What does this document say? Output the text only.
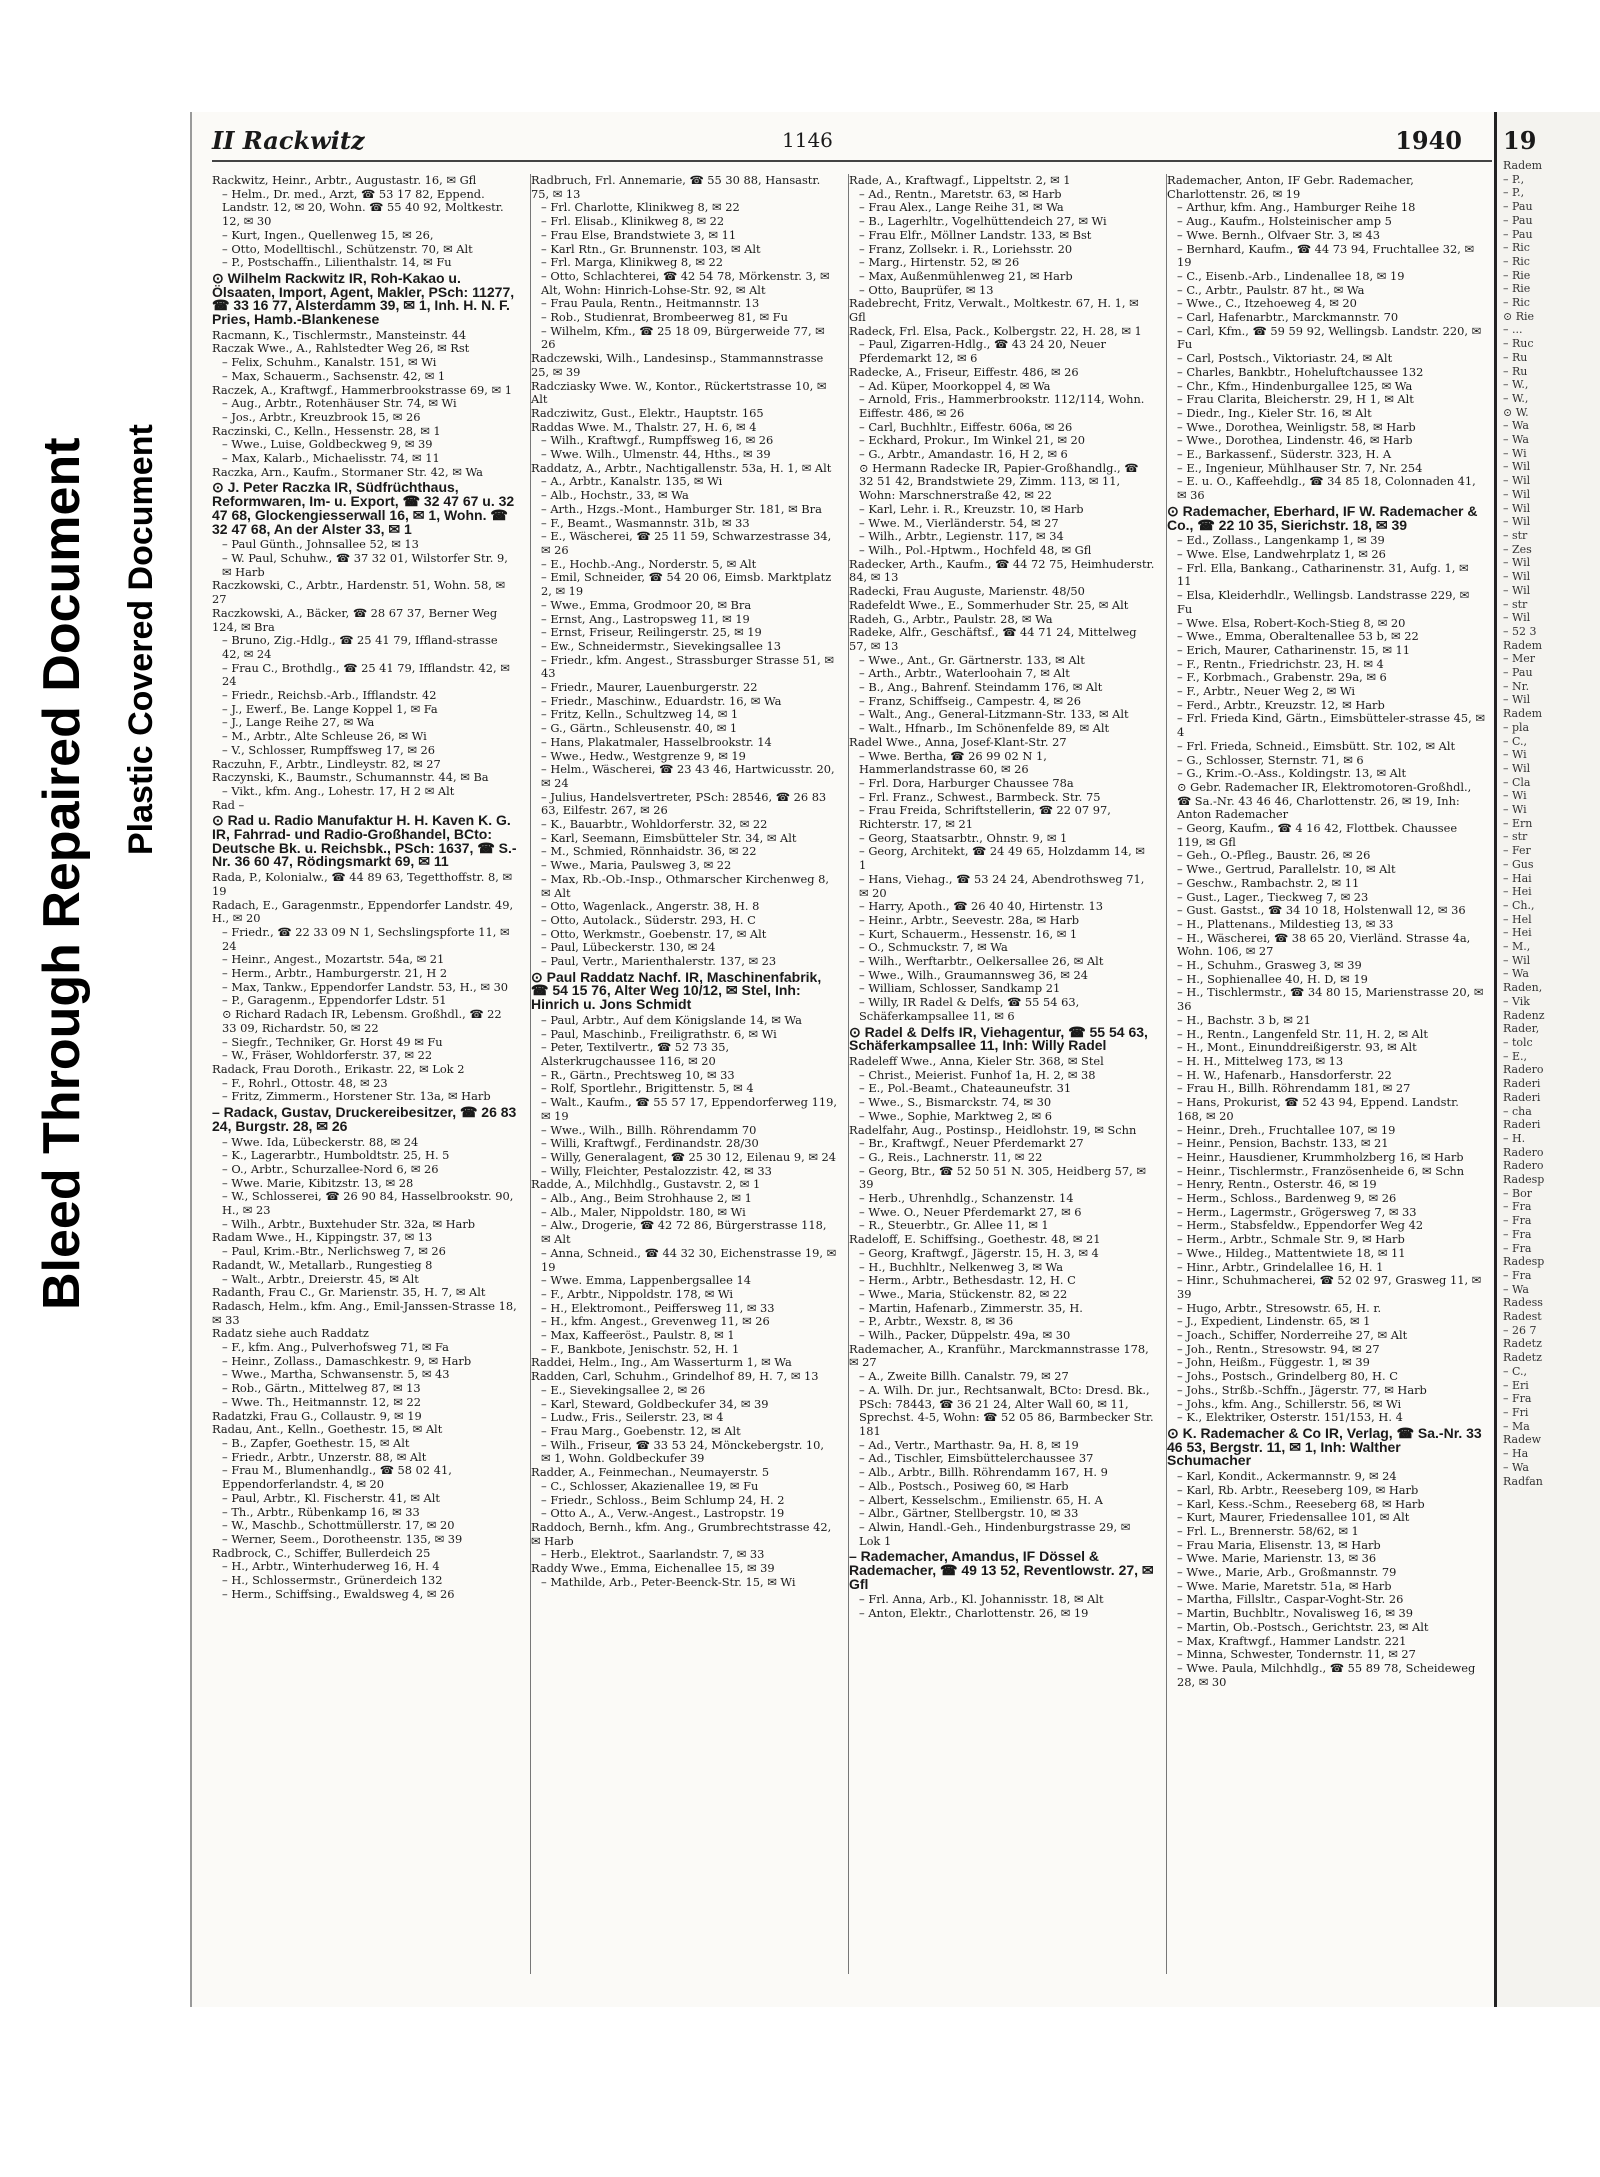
Bleed Through Repaired Document Plastic Covered Document
II Rackwitz	1146	1940
Rackwitz, Heinr., Arbtr., Augustastr. 16, ✉ Gfl
– Helm., Dr. med., Arzt, ☎ 53 17 82, Eppend. Landstr. 12, ✉ 20, Wohn. ☎ 55 40 92, Moltkestr. 12, ✉ 30
– Kurt, Ingen., Quellenweg 15, ✉ 26,
– Otto, Modelltischl., Schützenstr. 70, ✉ Alt
– P., Postschaffn., Lilienthalstr. 14, ✉ Fu
⊙ Wilhelm Rackwitz IR, Roh-Kakao u. Ölsaaten, Import, Agent, Makler, PSch: 11277, ☎ 33 16 77, Alsterdamm 39, ✉ 1, Inh. H. N. F. Pries, Hamb.-Blankenese
Racmann, K., Tischlermstr., Mansteinstr. 44
Raczak Wwe., A., Rahlstedter Weg 26, ✉ Rst
– Felix, Schuhm., Kanalstr. 151, ✉ Wi
– Max, Schauerm., Sachsenstr. 42, ✉ 1
Raczek, A., Kraftwgf., Hammerbrookstrasse 69, ✉ 1
– Aug., Arbtr., Rotenhäuser Str. 74, ✉ Wi
– Jos., Arbtr., Kreuzbrook 15, ✉ 26
Raczinski, C., Kelln., Hessenstr. 28, ✉ 1
– Wwe., Luise, Goldbeckweg 9, ✉ 39
– Max, Kalarb., Michaelisstr. 74, ✉ 11
Raczka, Arn., Kaufm., Stormaner Str. 42, ✉ Wa
⊙ J. Peter Raczka IR, Südfrüchthaus, Reformwaren, Im- u. Export, ☎ 32 47 67 u. 32 47 68, Glockengiesserwall 16, ✉ 1, Wohn. ☎ 32 47 68, An der Alster 33, ✉ 1
– Paul Günth., Johnsallee 52, ✉ 13
– W. Paul, Schuhw., ☎ 37 32 01, Wilstorfer Str. 9, ✉ Harb
Raczkowski, C., Arbtr., Hardenstr. 51, Wohn. 58, ✉ 27
Raczkowski, A., Bäcker, ☎ 28 67 37, Berner Weg 124, ✉ Bra
– Bruno, Zig.-Hdlg., ☎ 25 41 79, Iffland-strasse 42, ✉ 24
– Frau C., Brothdlg., ☎ 25 41 79, Ifflandstr. 42, ✉ 24
– Friedr., Reichsb.-Arb., Ifflandstr. 42
– J., Ewerf., Be. Lange Koppel 1, ✉ Fa
– J., Lange Reihe 27, ✉ Wa
– M., Arbtr., Alte Schleuse 26, ✉ Wi
– V., Schlosser, Rumpffsweg 17, ✉ 26
Raczuhn, F., Arbtr., Lindleystr. 82, ✉ 27
Raczynski, K., Baumstr., Schumannstr. 44, ✉ Ba
– Vikt., kfm. Ang., Lohestr. 17, H 2 ✉ Alt
Rad –
⊙ Rad u. Radio Manufaktur H. H. Kaven K. G. IR, Fahrrad- und Radio-Großhandel, BCto: Deutsche Bk. u. Reichsbk., PSch: 1637, ☎ S.-Nr. 36 60 47, Rödingsmarkt 69, ✉ 11
Rada, P., Kolonialw., ☎ 44 89 63, Tegetthoffstr. 8, ✉ 19
Radach, E., Garagenmstr., Eppendorfer Landstr. 49, H., ✉ 20
– Friedr., ☎ 22 33 09 N 1, Sechslingspforte 11, ✉ 24
– Heinr., Angest., Mozartstr. 54a, ✉ 21
– Herm., Arbtr., Hamburgerstr. 21, H 2
– Max, Tankw., Eppendorfer Landstr. 53, H., ✉ 30
– P., Garagenm., Eppendorfer Ldstr. 51
⊙ Richard Radach IR, Lebensm. Großhdl., ☎ 22 33 09, Richardstr. 50, ✉ 22
– Siegfr., Techniker, Gr. Horst 49 ✉ Fu
– W., Fräser, Wohldorferstr. 37, ✉ 22
Radack, Frau Doroth., Erikastr. 22, ✉ Lok 2
– F., Rohrl., Ottostr. 48, ✉ 23
– Fritz, Zimmerm., Horstener Str. 13a, ✉ Harb
– Radack, Gustav, Druckereibesitzer, ☎ 26 83 24, Burgstr. 28, ✉ 26
– Wwe. Ida, Lübeckerstr. 88, ✉ 24
– K., Lagerarbtr., Humboldtstr. 25, H. 5
– O., Arbtr., Schurzallee-Nord 6, ✉ 26
– Wwe. Marie, Kibitzstr. 13, ✉ 28
– W., Schlosserei, ☎ 26 90 84, Hasselbrookstr. 90, H., ✉ 23
– Wilh., Arbtr., Buxtehuder Str. 32a, ✉ Harb
Radam Wwe., H., Kippingstr. 37, ✉ 13
– Paul, Krim.-Btr., Nerlichsweg 7, ✉ 26
Radandt, W., Metallarb., Rungestieg 8
– Walt., Arbtr., Dreierstr. 45, ✉ Alt
Radanth, Frau C., Gr. Marienstr. 35, H. 7, ✉ Alt
Radasch, Helm., kfm. Ang., Emil-Janssen-Strasse 18, ✉ 33
Radatz siehe auch Raddatz
– F., kfm. Ang., Pulverhofsweg 71, ✉ Fa
– Heinr., Zollass., Damaschkestr. 9, ✉ Harb
– Wwe., Martha, Schwansenstr. 5, ✉ 43
– Rob., Gärtn., Mittelweg 87, ✉ 13
– Wwe. Th., Heitmannstr. 12, ✉ 22
Radatzki, Frau G., Collaustr. 9, ✉ 19
Radau, Ant., Kelln., Goethestr. 15, ✉ Alt
– B., Zapfer, Goethestr. 15, ✉ Alt
– Friedr., Arbtr., Unzerstr. 88, ✉ Alt
– Frau M., Blumenhandlg., ☎ 58 02 41, Eppendorferlandstr. 4, ✉ 20
– Paul, Arbtr., Kl. Fischerstr. 41, ✉ Alt
– Th., Arbtr., Rübenkamp 16, ✉ 33
– W., Maschb., Schottmüllerstr. 17, ✉ 20
– Werner, Seem., Dorotheenstr. 135, ✉ 39
Radbrock, C., Schiffer, Bullerdeich 25
– H., Arbtr., Winterhuderweg 16, H. 4
– H., Schlossermstr., Grünerdeich 132
– Herm., Schiffsing., Ewaldsweg 4, ✉ 26
Radbruch, Frl. Annemarie, ☎ 55 30 88, Hansastr. 75, ✉ 13
– Frl. Charlotte, Klinikweg 8, ✉ 22
– Frl. Elisab., Klinikweg 8, ✉ 22
– Frau Else, Brandstwiete 3, ✉ 11
– Karl Rtn., Gr. Brunnenstr. 103, ✉ Alt
– Frl. Marga, Klinikweg 8, ✉ 22
– Otto, Schlachterei, ☎ 42 54 78, Mörkenstr. 3, ✉ Alt, Wohn: Hinrich-Lohse-Str. 92, ✉ Alt
– Frau Paula, Rentn., Heitmannstr. 13
– Rob., Studienrat, Brombeerweg 81, ✉ Fu
– Wilhelm, Kfm., ☎ 25 18 09, Bürgerweide 77, ✉ 26
Radczewski, Wilh., Landesinsp., Stammannstrasse 25, ✉ 39
Radcziasky Wwe. W., Kontor., Rückertstrasse 10, ✉ Alt
Radcziwitz, Gust., Elektr., Hauptstr. 165
Raddas Wwe. M., Thalstr. 27, H. 6, ✉ 4
– Wilh., Kraftwgf., Rumpffsweg 16, ✉ 26
– Wwe. Wilh., Ulmenstr. 44, Hths., ✉ 39
Raddatz, A., Arbtr., Nachtigallenstr. 53a, H. 1, ✉ Alt
– A., Arbtr., Kanalstr. 135, ✉ Wi
– Alb., Hochstr., 33, ✉ Wa
– Arth., Hzgs.-Mont., Hamburger Str. 181, ✉ Bra
– F., Beamt., Wasmannstr. 31b, ✉ 33
– E., Wäscherei, ☎ 25 11 59, Schwarzestrasse 34, ✉ 26
– E., Hochb.-Ang., Norderstr. 5, ✉ Alt
– Emil, Schneider, ☎ 54 20 06, Eimsb. Marktplatz 2, ✉ 19
– Wwe., Emma, Grodmoor 20, ✉ Bra
– Ernst, Ang., Lastropsweg 11, ✉ 19
– Ernst, Friseur, Reilingerstr. 25, ✉ 19
– Ew., Schneidermstr., Sievekingsallee 13
– Friedr., kfm. Angest., Strassburger Strasse 51, ✉ 43
– Friedr., Maurer, Lauenburgerstr. 22
– Friedr., Maschinw., Eduardstr. 16, ✉ Wa
– Fritz, Kelln., Schultzweg 14, ✉ 1
– G., Gärtn., Schleusenstr. 40, ✉ 1
– Hans, Plakatmaler, Hasselbrookstr. 14
– Wwe., Hedw., Westgrenze 9, ✉ 19
– Helm., Wäscherei, ☎ 23 43 46, Hartwicusstr. 20, ✉ 24
– Julius, Handelsvertreter, PSch: 28546, ☎ 26 83 63, Eilfestr. 267, ✉ 26
– K., Bauarbtr., Wohldorferstr. 32, ✉ 22
– Karl, Seemann, Eimsbütteler Str. 34, ✉ Alt
– M., Schmied, Rönnhaidstr. 36, ✉ 22
– Wwe., Maria, Paulsweg 3, ✉ 22
– Max, Rb.-Ob.-Insp., Othmarscher Kirchenweg 8, ✉ Alt
– Otto, Wagenlack., Angerstr. 38, H. 8
– Otto, Autolack., Süderstr. 293, H. C
– Otto, Werkmstr., Goebenstr. 17, ✉ Alt
– Paul, Lübeckerstr. 130, ✉ 24
– Paul, Vertr., Marienthalerstr. 137, ✉ 23
⊙ Paul Raddatz Nachf. IR, Maschinenfabrik, ☎ 54 15 76, Alter Weg 10/12, ✉ Stel, Inh: Hinrich u. Jons Schmidt
– Paul, Arbtr., Auf dem Königslande 14, ✉ Wa
– Paul, Maschinb., Freiligrathstr. 6, ✉ Wi
– Peter, Textilvertr., ☎ 52 73 35, Alsterkrugchaussee 116, ✉ 20
– R., Gärtn., Prechtsweg 10, ✉ 33
– Rolf, Sportlehr., Brigittenstr. 5, ✉ 4
– Walt., Kaufm., ☎ 55 57 17, Eppendorferweg 119, ✉ 19
– Wwe., Wilh., Billh. Röhrendamm 70
– Willi, Kraftwgf., Ferdinandstr. 28/30
– Willy, Generalagent, ☎ 25 30 12, Eilenau 9, ✉ 24
– Willy, Fleichter, Pestalozzistr. 42, ✉ 33
Radde, A., Milchhdlg., Gustavstr. 2, ✉ 1
– Alb., Ang., Beim Strohhause 2, ✉ 1
– Alb., Maler, Nippoldstr. 180, ✉ Wi
– Alw., Drogerie, ☎ 42 72 86, Bürgerstrasse 118, ✉ Alt
– Anna, Schneid., ☎ 44 32 30, Eichenstrasse 19, ✉ 19
– Wwe. Emma, Lappenbergsallee 14
– F., Arbtr., Nippoldstr. 178, ✉ Wi
– H., Elektromont., Peiffersweg 11, ✉ 33
– H., kfm. Angest., Grevenweg 11, ✉ 26
– Max, Kaffeeröst., Paulstr. 8, ✉ 1
– F., Bankbote, Jenischstr. 52, H. 1
Raddei, Helm., Ing., Am Wasserturm 1, ✉ Wa
Radden, Carl, Schuhm., Grindelhof 89, H. 7, ✉ 13
– E., Sievekingsallee 2, ✉ 26
– Karl, Steward, Goldbeckufer 34, ✉ 39
– Ludw., Fris., Seilerstr. 23, ✉ 4
– Frau Marg., Goebenstr. 12, ✉ Alt
– Wilh., Friseur, ☎ 33 53 24, Mönckebergstr. 10, ✉ 1, Wohn. Goldbeckufer 39
Radder, A., Feinmechan., Neumayerstr. 5
– C., Schlosser, Akazienallee 19, ✉ Fu
– Friedr., Schloss., Beim Schlump 24, H. 2
– Otto A., A., Verw.-Angest., Lastropstr. 19
Raddoch, Bernh., kfm. Ang., Grumbrechtstrasse 42, ✉ Harb
– Herb., Elektrot., Saarlandstr. 7, ✉ 33
Raddy Wwe., Emma, Eichenallee 15, ✉ 39
– Mathilde, Arb., Peter-Beenck-Str. 15, ✉ Wi
Rade, A., Kraftwagf., Lippeltstr. 2, ✉ 1
– Ad., Rentn., Maretstr. 63, ✉ Harb
– Frau Alex., Lange Reihe 31, ✉ Wa
– B., Lagerhltr., Vogelhüttendeich 27, ✉ Wi
– Frau Elfr., Möllner Landstr. 133, ✉ Bst
– Franz, Zollsekr. i. R., Loriehsstr. 20
– Marg., Hirtenstr. 52, ✉ 26
– Max, Außenmühlenweg 21, ✉ Harb
– Otto, Bauprüfer, ✉ 13
Radebrecht, Fritz, Verwalt., Moltkestr. 67, H. 1, ✉ Gfl
Radeck, Frl. Elsa, Pack., Kolbergstr. 22, H. 28, ✉ 1
– Paul, Zigarren-Hdlg., ☎ 43 24 20, Neuer Pferdemarkt 12, ✉ 6
Radecke, A., Friseur, Eiffestr. 486, ✉ 26
– Ad. Küper, Moorkoppel 4, ✉ Wa
– Arnold, Fris., Hammerbrookstr. 112/114, Wohn. Eiffestr. 486, ✉ 26
– Carl, Buchhltr., Eiffestr. 606a, ✉ 26
– Eckhard, Prokur., Im Winkel 21, ✉ 20
– G., Arbtr., Amandastr. 16, H 2, ✉ 6
⊙ Hermann Radecke IR, Papier-Großhandlg., ☎ 32 51 42, Brandstwiete 29, Zimm. 113, ✉ 11, Wohn: Marschnerstraße 42, ✉ 22
– Karl, Lehr. i. R., Kreuzstr. 10, ✉ Harb
– Wwe. M., Vierländerstr. 54, ✉ 27
– Wilh., Arbtr., Legienstr. 117, ✉ 34
– Wilh., Pol.-Hptwm., Hochfeld 48, ✉ Gfl
Radecker, Arth., Kaufm., ☎ 44 72 75, Heimhuderstr. 84, ✉ 13
Radecki, Frau Auguste, Marienstr. 48/50
Radefeldt Wwe., E., Sommerhuder Str. 25, ✉ Alt
Radeh, G., Arbtr., Paulstr. 28, ✉ Wa
Radeke, Alfr., Geschäftsf., ☎ 44 71 24, Mittelweg 57, ✉ 13
– Wwe., Ant., Gr. Gärtnerstr. 133, ✉ Alt
– Arth., Arbtr., Waterloohain 7, ✉ Alt
– B., Ang., Bahrenf. Steindamm 176, ✉ Alt
– Franz, Schiffseig., Campestr. 4, ✉ 26
– Walt., Ang., General-Litzmann-Str. 133, ✉ Alt
– Walt., Hfnarb., Im Schönenfelde 89, ✉ Alt
Radel Wwe., Anna, Josef-Klant-Str. 27
– Wwe. Bertha, ☎ 26 99 02 N 1, Hammerlandstrasse 60, ✉ 26
– Frl. Dora, Harburger Chaussee 78a
– Frl. Franz., Schwest., Barmbeck. Str. 75
– Frau Freida, Schriftstellerin, ☎ 22 07 97, Richterstr. 17, ✉ 21
– Georg, Staatsarbtr., Ohnstr. 9, ✉ 1
– Georg, Architekt, ☎ 24 49 65, Holzdamm 14, ✉ 1
– Hans, Viehag., ☎ 53 24 24, Abendrothsweg 71, ✉ 20
– Harry, Apoth., ☎ 26 40 40, Hirtenstr. 13
– Heinr., Arbtr., Seevestr. 28a, ✉ Harb
– Kurt, Schauerm., Hessenstr. 16, ✉ 1
– O., Schmuckstr. 7, ✉ Wa
– Wilh., Werftarbtr., Oelkersallee 26, ✉ Alt
– Wwe., Wilh., Graumannsweg 36, ✉ 24
– William, Schlosser, Sandkamp 21
– Willy, IR Radel & Delfs, ☎ 55 54 63, Schäferkampsallee 11, ✉ 6
⊙ Radel & Delfs IR, Viehagentur, ☎ 55 54 63, Schäferkampsallee 11, Inh: Willy Radel
Radeleff Wwe., Anna, Kieler Str. 368, ✉ Stel
– Christ., Meierist. Funhof 1a, H. 2, ✉ 38
– E., Pol.-Beamt., Chateauneufstr. 31
– Wwe., S., Bismarckstr. 74, ✉ 30
– Wwe., Sophie, Marktweg 2, ✉ 6
Radelfahr, Aug., Postinsp., Heidlohstr. 19, ✉ Schn
– Br., Kraftwgf., Neuer Pferdemarkt 27
– G., Reis., Lachnerstr. 11, ✉ 22
– Georg, Btr., ☎ 52 50 51 N. 305, Heidberg 57, ✉ 39
– Herb., Uhrenhdlg., Schanzenstr. 14
– Wwe. O., Neuer Pferdemarkt 27, ✉ 6
– R., Steuerbtr., Gr. Allee 11, ✉ 1
Radeloff, E. Schiffsing., Goethestr. 48, ✉ 21
– Georg, Kraftwgf., Jägerstr. 15, H. 3, ✉ 4
– H., Buchhltr., Nelkenweg 3, ✉ Wa
– Herm., Arbtr., Bethesdastr. 12, H. C
– Wwe., Maria, Stückenstr. 82, ✉ 22
– Martin, Hafenarb., Zimmerstr. 35, H.
– P., Arbtr., Wexstr. 8, ✉ 36
– Wilh., Packer, Düppelstr. 49a, ✉ 30
Rademacher, A., Kranführ., Marckmannstrasse 178, ✉ 27
– A., Zweite Billh. Canalstr. 79, ✉ 27
– A. Wilh. Dr. jur., Rechtsanwalt, BCto: Dresd. Bk., PSch: 78443, ☎ 36 21 24, Alter Wall 60, ✉ 11, Sprechst. 4-5, Wohn: ☎ 52 05 86, Barmbecker Str. 181
– Ad., Vertr., Marthastr. 9a, H. 8, ✉ 19
– Ad., Tischler, Eimsbüttelerchaussee 37
– Alb., Arbtr., Billh. Röhrendamm 167, H. 9
– Alb., Postsch., Posiweg 60, ✉ Harb
– Albert, Kesselschm., Emilienstr. 65, H. A
– Albr., Gärtner, Stellbergstr. 10, ✉ 33
– Alwin, Handl.-Geh., Hindenburgstrasse 29, ✉ Lok 1
– Rademacher, Amandus, IF Dössel & Rademacher, ☎ 49 13 52, Reventlowstr. 27, ✉ Gfl
– Frl. Anna, Arb., Kl. Johannisstr. 18, ✉ Alt
– Anton, Elektr., Charlottenstr. 26, ✉ 19
Rademacher, Anton, IF Gebr. Rademacher, Charlottenstr. 26, ✉ 19
– Arthur, kfm. Ang., Hamburger Reihe 18
– Aug., Kaufm., Holsteinischer amp 5
– Wwe. Bernh., Olfvaer Str. 3, ✉ 43
– Bernhard, Kaufm., ☎ 44 73 94, Fruchtallee 32, ✉ 19
– C., Eisenb.-Arb., Lindenallee 18, ✉ 19
– C., Arbtr., Paulstr. 87 ht., ✉ Wa
– Wwe., C., Itzehoeweg 4, ✉ 20
– Carl, Hafenarbtr., Marckmannstr. 70
– Carl, Kfm., ☎ 59 59 92, Wellingsb. Landstr. 220, ✉ Fu
– Carl, Postsch., Viktoriastr. 24, ✉ Alt
– Charles, Bankbtr., Hoheluftchaussee 132
– Chr., Kfm., Hindenburgallee 125, ✉ Wa
– Frau Clarita, Bleicherstr. 29, H 1, ✉ Alt
– Diedr., Ing., Kieler Str. 16, ✉ Alt
– Wwe., Dorothea, Weinligstr. 58, ✉ Harb
– Wwe., Dorothea, Lindenstr. 46, ✉ Harb
– E., Barkassenf., Süderstr. 323, H. A
– E., Ingenieur, Mühlhauser Str. 7, Nr. 254
– E. u. O., Kaffeehdlg., ☎ 34 85 18, Colonnaden 41, ✉ 36
⊙ Rademacher, Eberhard, IF W. Rademacher & Co., ☎ 22 10 35, Sierichstr. 18, ✉ 39
– Ed., Zollass., Langenkamp 1, ✉ 39
– Wwe. Else, Landwehrplatz 1, ✉ 26
– Frl. Ella, Bankang., Catharinenstr. 31, Aufg. 1, ✉ 11
– Elsa, Kleiderhdlr., Wellingsb. Landstrasse 229, ✉ Fu
– Wwe. Elsa, Robert-Koch-Stieg 8, ✉ 20
– Wwe., Emma, Oberaltenallee 53 b, ✉ 22
– Erich, Maurer, Catharinenstr. 15, ✉ 11
– F., Rentn., Friedrichstr. 23, H. ✉ 4
– F., Korbmach., Grabenstr. 29a, ✉ 6
– F., Arbtr., Neuer Weg 2, ✉ Wi
– Ferd., Arbtr., Kreuzstr. 12, ✉ Harb
– Frl. Frieda Kind, Gärtn., Eimsbütteler-strasse 45, ✉ 4
– Frl. Frieda, Schneid., Eimsbütt. Str. 102, ✉ Alt
– G., Schlosser, Sternstr. 71, ✉ 6
– G., Krim.-O.-Ass., Koldingstr. 13, ✉ Alt
⊙ Gebr. Rademacher IR, Elektromotoren-Großhdl., ☎ Sa.-Nr. 43 46 46, Charlottenstr. 26, ✉ 19, Inh: Anton Rademacher
– Georg, Kaufm., ☎ 4 16 42, Flottbek. Chaussee 119, ✉ Gfl
– Geh., O.-Pfleg., Baustr. 26, ✉ 26
– Wwe., Gertrud, Parallelstr. 10, ✉ Alt
– Geschw., Rambachstr. 2, ✉ 11
– Gust., Lager., Tieckweg 7, ✉ 23
– Gust. Gastst., ☎ 34 10 18, Holstenwall 12, ✉ 36
– H., Plattenans., Mildestieg 13, ✉ 33
– H., Wäscherei, ☎ 38 65 20, Vierländ. Strasse 4a, Wohn. 106, ✉ 27
– H., Schuhm., Grasweg 3, ✉ 39
– H., Sophienallee 40, H. D, ✉ 19
– H., Tischlermstr., ☎ 34 80 15, Marienstrasse 20, ✉ 36
– H., Bachstr. 3 b, ✉ 21
– H., Rentn., Langenfeld Str. 11, H. 2, ✉ Alt
– H., Mont., Einunddreißigerstr. 93, ✉ Alt
– H. H., Mittelweg 173, ✉ 13
– H. W., Hafenarb., Hansdorferstr. 22
– Frau H., Billh. Röhrendamm 181, ✉ 27
– Hans, Prokurist, ☎ 52 43 94, Eppend. Landstr. 168, ✉ 20
– Heinr., Dreh., Fruchtallee 107, ✉ 19
– Heinr., Pension, Bachstr. 133, ✉ 21
– Heinr., Hausdiener, Krummholzberg 16, ✉ Harb
– Heinr., Tischlermstr., Französenheide 6, ✉ Schn
– Henry, Rentn., Osterstr. 46, ✉ 19
– Herm., Schloss., Bardenweg 9, ✉ 26
– Herm., Lagermstr., Grögersweg 7, ✉ 33
– Herm., Stabsfeldw., Eppendorfer Weg 42
– Herm., Arbtr., Schmale Str. 9, ✉ Harb
– Wwe., Hildeg., Mattentwiete 18, ✉ 11
– Hinr., Arbtr., Grindelallee 16, H. 1
– Hinr., Schuhmacherei, ☎ 52 02 97, Grasweg 11, ✉ 39
– Hugo, Arbtr., Stresowstr. 65, H. r.
– J., Expedient, Lindenstr. 65, ✉ 1
– Joach., Schiffer, Norderreihe 27, ✉ Alt
– Joh., Rentn., Stresowstr. 94, ✉ 27
– John, Heißm., Függestr. 1, ✉ 39
– Johs., Postsch., Grindelberg 80, H. C
– Johs., Strßb.-Schffn., Jägerstr. 77, ✉ Harb
– Johs., kfm. Ang., Schillerstr. 56, ✉ Wi
– K., Elektriker, Osterstr. 151/153, H. 4
⊙ K. Rademacher & Co IR, Verlag, ☎ Sa.-Nr. 33 46 53, Bergstr. 11, ✉ 1, Inh: Walther Schumacher
– Karl, Kondit., Ackermannstr. 9, ✉ 24
– Karl, Rb. Arbtr., Reeseberg 109, ✉ Harb
– Karl, Kess.-Schm., Reeseberg 68, ✉ Harb
– Kurt, Maurer, Friedensallee 101, ✉ Alt
– Frl. L., Brennerstr. 58/62, ✉ 1
– Frau Maria, Elisenstr. 13, ✉ Harb
– Wwe. Marie, Marienstr. 13, ✉ 36
– Wwe., Marie, Arb., Großmannstr. 79
– Wwe. Marie, Maretstr. 51a, ✉ Harb
– Martha, Fillsltr., Caspar-Voght-Str. 26
– Martin, Buchbltr., Novalisweg 16, ✉ 39
– Martin, Ob.-Postsch., Gerichtstr. 23, ✉ Alt
– Max, Kraftwgf., Hammer Landstr. 221
– Minna, Schwester, Tondernstr. 11, ✉ 27
– Wwe. Paula, Milchhdlg., ☎ 55 89 78, Scheideweg 28, ✉ 30
19
Radem
– P.,
– P.,
– Pau
– Pau
– Pau
– Ric
– Ric
– Rie
– Rie
– Ric
⊙ Rie
– ...
– Ruc
– Ru
– Ru
– W.,
– W.,
⊙ W.
– Wa
– Wa
– Wi
– Wil
– Wil
– Wil
– Wil
– Wil
– str
– Zes
– Wil
– Wil
– Wil
– str
– Wil
– 52 3
Radem
– Mer
– Pau
– Nr.
– Wil
Radem
– pla
– C.,
– Wi
– Wil
– Cla
– Wi
– Wi
– Ern
– str
– Fer
– Gus
– Hai
– Hei
– Ch.,
– Hel
– Hei
– M.,
– Wil
– Wa
Raden,
– Vik
Radenz
Rader,
– tolc
– E.,
Radero
Raderi
Raderi
– cha
Raderi
– H.
Radero
Radero
Radesp
– Bor
– Fra
– Fra
– Fra
– Fra
Radesp
– Fra
– Wa
Radess
Radest
– 26 7
Radetz
Radetz
– C.,
– Eri
– Fra
– Fri
– Ma
Radew
– Ha
– Wa
Radfan
